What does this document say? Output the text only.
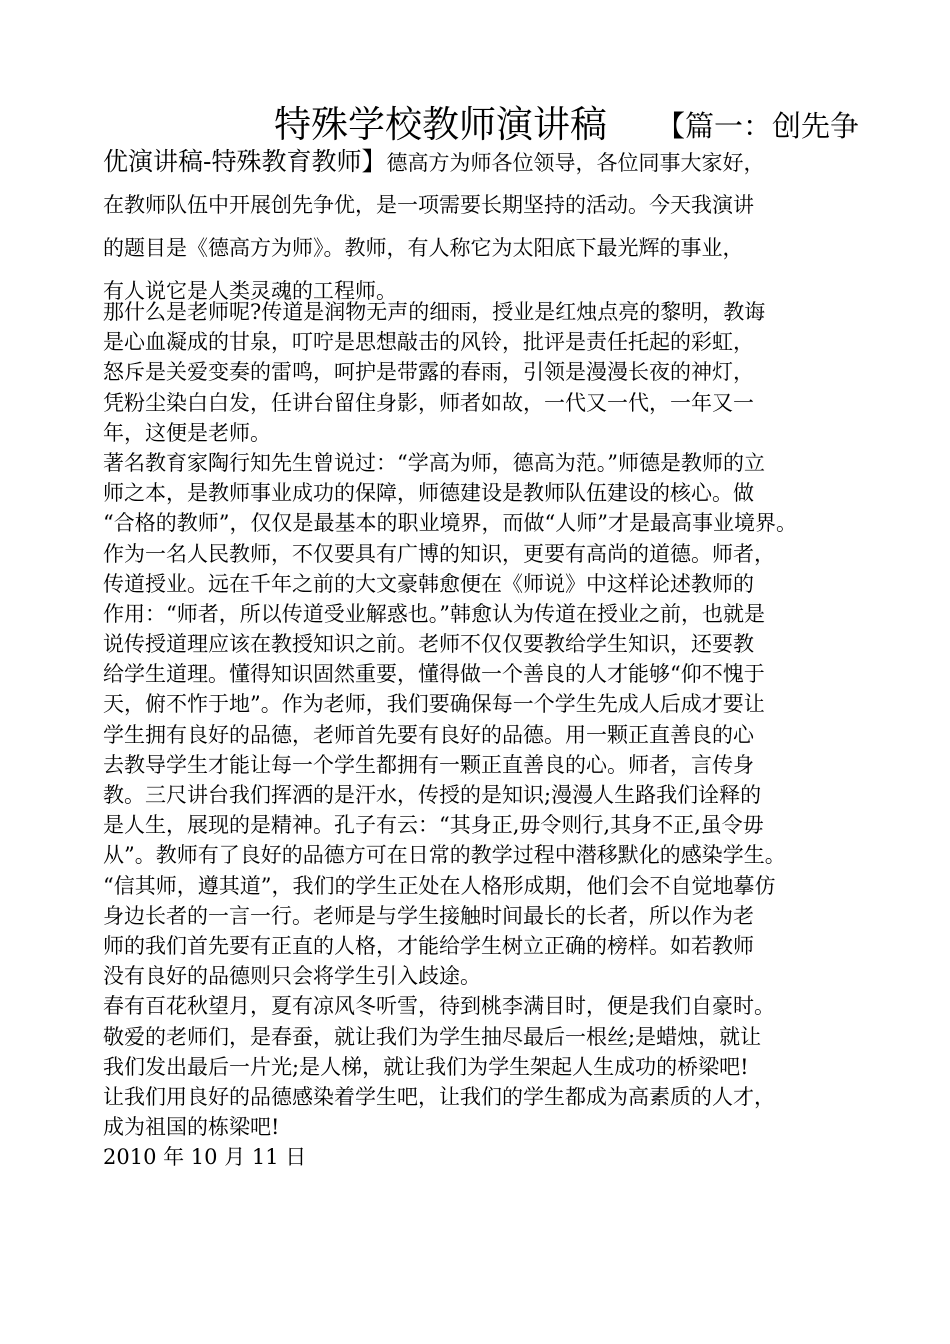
特殊学校教师演讲稿 【篇一：创先争
优演讲稿-特殊教育教师】德高方为师各位领导，各位同事大家好，
在教师队伍中开展创先争优，是一项需要长期坚持的活动。今天我演讲
的题目是《德高方为师》。教师，有人称它为太阳底下最光辉的事业，
有人说它是人类灵魂的工程师。
那什么是老师呢?传道是润物无声的细雨，授业是红烛点亮的黎明，教诲
是心血凝成的甘泉，叮咛是思想敲击的风铃，批评是责任托起的彩虹，
怒斥是关爱变奏的雷鸣，呵护是带露的春雨，引领是漫漫长夜的神灯，
凭粉尘染白白发，任讲台留住身影，师者如故，一代又一代，一年又一
年，这便是老师。
著名教育家陶行知先生曾说过：“学高为师，德高为范。”师德是教师的立
师之本，是教师事业成功的保障，师德建设是教师队伍建设的核心。做
“合格的教师”，仅仅是最基本的职业境界，而做“人师”才是最高事业境界。
作为一名人民教师，不仅要具有广博的知识，更要有高尚的道德。师者，
传道授业。远在千年之前的大文豪韩愈便在《师说》中这样论述教师的
作用：“师者，所以传道受业解惑也。”韩愈认为传道在授业之前，也就是
说传授道理应该在教授知识之前。老师不仅仅要教给学生知识，还要教
给学生道理。懂得知识固然重要，懂得做一个善良的人才能够“仰不愧于
天，俯不怍于地”。作为老师，我们要确保每一个学生先成人后成才要让
学生拥有良好的品德，老师首先要有良好的品德。用一颗正直善良的心
去教导学生才能让每一个学生都拥有一颗正直善良的心。师者，言传身
教。三尺讲台我们挥洒的是汗水，传授的是知识;漫漫人生路我们诠释的
是人生，展现的是精神。孔子有云：“其身正,毋令则行,其身不正,虽令毋
从”。教师有了良好的品德方可在日常的教学过程中潜移默化的感染学生。
“信其师，遵其道”，我们的学生正处在人格形成期，他们会不自觉地摹仿
身边长者的一言一行。老师是与学生接触时间最长的长者，所以作为老
师的我们首先要有正直的人格，才能给学生树立正确的榜样。如若教师
没有良好的品德则只会将学生引入歧途。
春有百花秋望月，夏有凉风冬听雪，待到桃李满目时，便是我们自豪时。
敬爱的老师们，是春蚕，就让我们为学生抽尽最后一根丝;是蜡烛，就让
我们发出最后一片光;是人梯，就让我们为学生架起人生成功的桥梁吧!
让我们用良好的品德感染着学生吧，让我们的学生都成为高素质的人才，
成为祖国的栋梁吧!
2010 年 10 月 11 日
